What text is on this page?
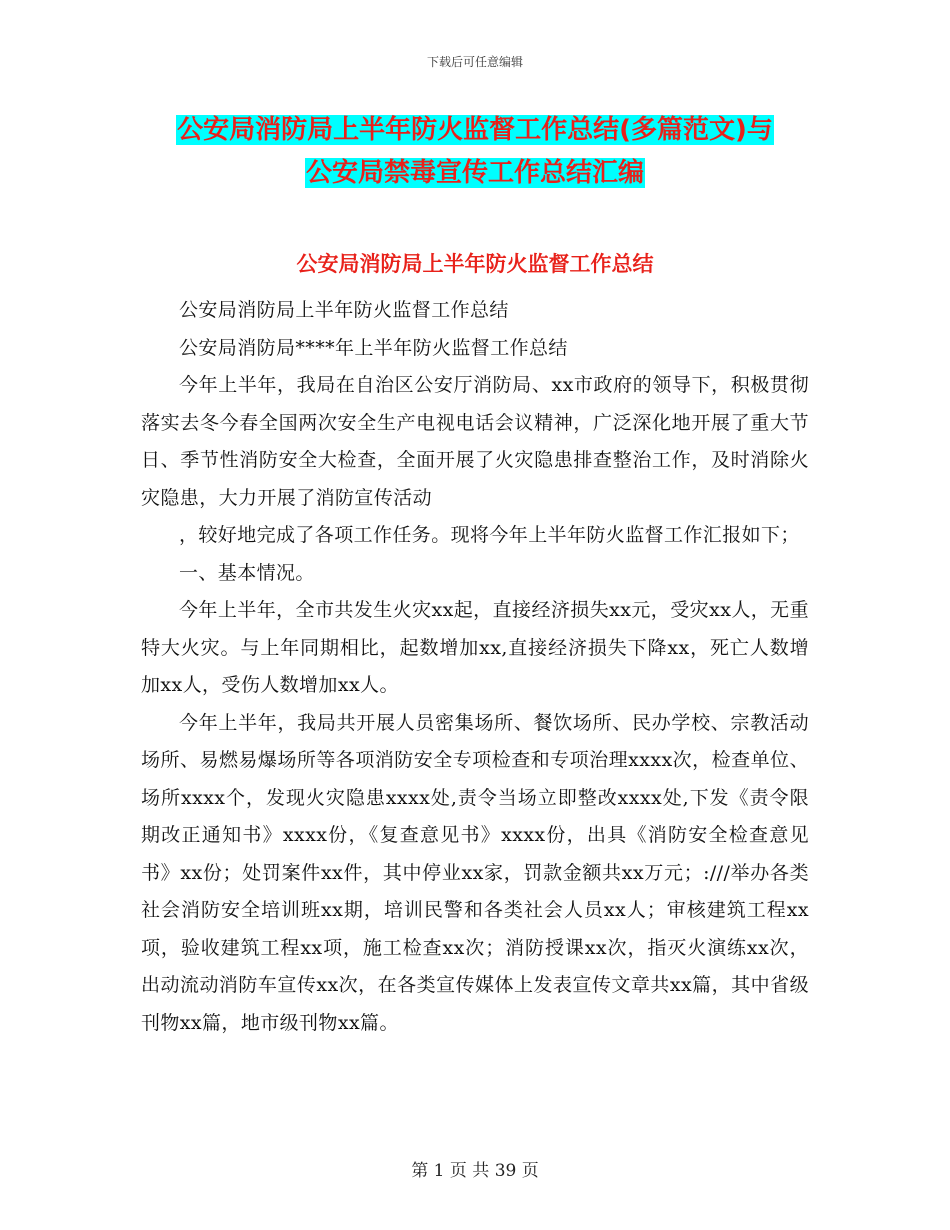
下载后可任意编辑
公安局消防局上半年防火监督工作总结(多篇范文)与
公安局禁毒宣传工作总结汇编
公安局消防局上半年防火监督工作总结

公安局消防局上半年防火监督工作总结

公安局消防局****年上半年防火监督工作总结

今年上半年，我局在自治区公安厅消防局、xx市政府的领导下，积极贯彻落实去冬今春全国两次安全生产电视电话会议精神，广泛深化地开展了重大节日、季节性消防安全大检查，全面开展了火灾隐患排查整治工作，及时消除火灾隐患，大力开展了消防宣传活动

，较好地完成了各项工作任务。现将今年上半年防火监督工作汇报如下；

一、基本情况。

今年上半年，全市共发生火灾xx起，直接经济损失xx元，受灾xx人，无重特大火灾。与上年同期相比，起数增加xx,直接经济损失下降xx，死亡人数增加xx人，受伤人数增加xx人。

今年上半年，我局共开展人员密集场所、餐饮场所、民办学校、宗教活动场所、易燃易爆场所等各项消防安全专项检查和专项治理xxxx次，检查单位、场所xxxx个，发现火灾隐患xxxx处,责令当场立即整改xxxx处,下发《责令限期改正通知书》xxxx份，《复查意见书》xxxx份，出具《消防安全检查意见书》xx份；处罚案件xx件，其中停业xx家，罚款金额共xx万元；:///举办各类社会消防安全培训班xx期，培训民警和各类社会人员xx人；审核建筑工程xx项，验收建筑工程xx项，施工检查xx次；消防授课xx次，指灭火演练xx次，出动流动消防车宣传xx次，在各类宣传媒体上发表宣传文章共xx篇，其中省级刊物xx篇，地市级刊物xx篇。

第 1 页 共 39 页
